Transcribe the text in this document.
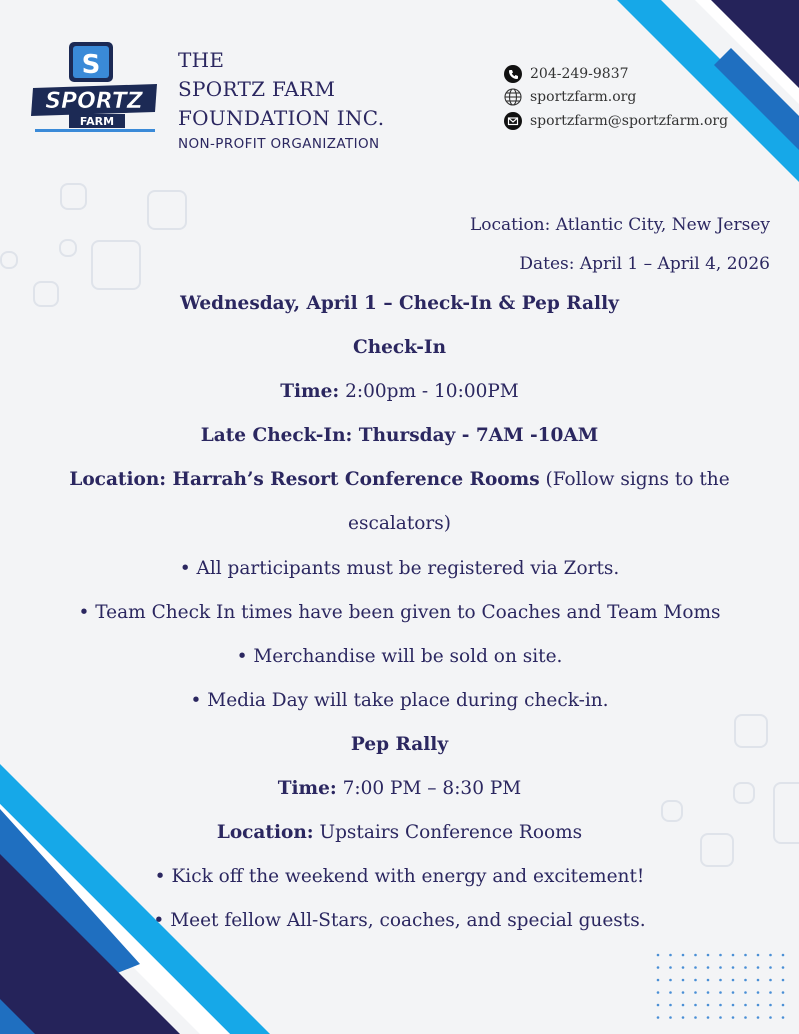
S
SPORTZ
FARM
THE
SPORTZ FARM
FOUNDATION INC.
NON-PROFIT ORGANIZATION
204-249-9837
sportzfarm.org
sportzfarm@sportzfarm.org
Location: Atlantic City, New Jersey
Dates: April 1 – April 4, 2026
Wednesday, April 1 – Check-In & Pep Rally
Check-In
Time: 2:00pm - 10:00PM
Late Check-In: Thursday - 7AM -10AM
Location: Harrah’s Resort Conference Rooms (Follow signs to the
escalators)
• All participants must be registered via Zorts.
• Team Check In times have been given to Coaches and Team Moms
• Merchandise will be sold on site.
• Media Day will take place during check-in.
Pep Rally
Time: 7:00 PM – 8:30 PM
Location: Upstairs Conference Rooms
• Kick off the weekend with energy and excitement!
• Meet fellow All-Stars, coaches, and special guests.
